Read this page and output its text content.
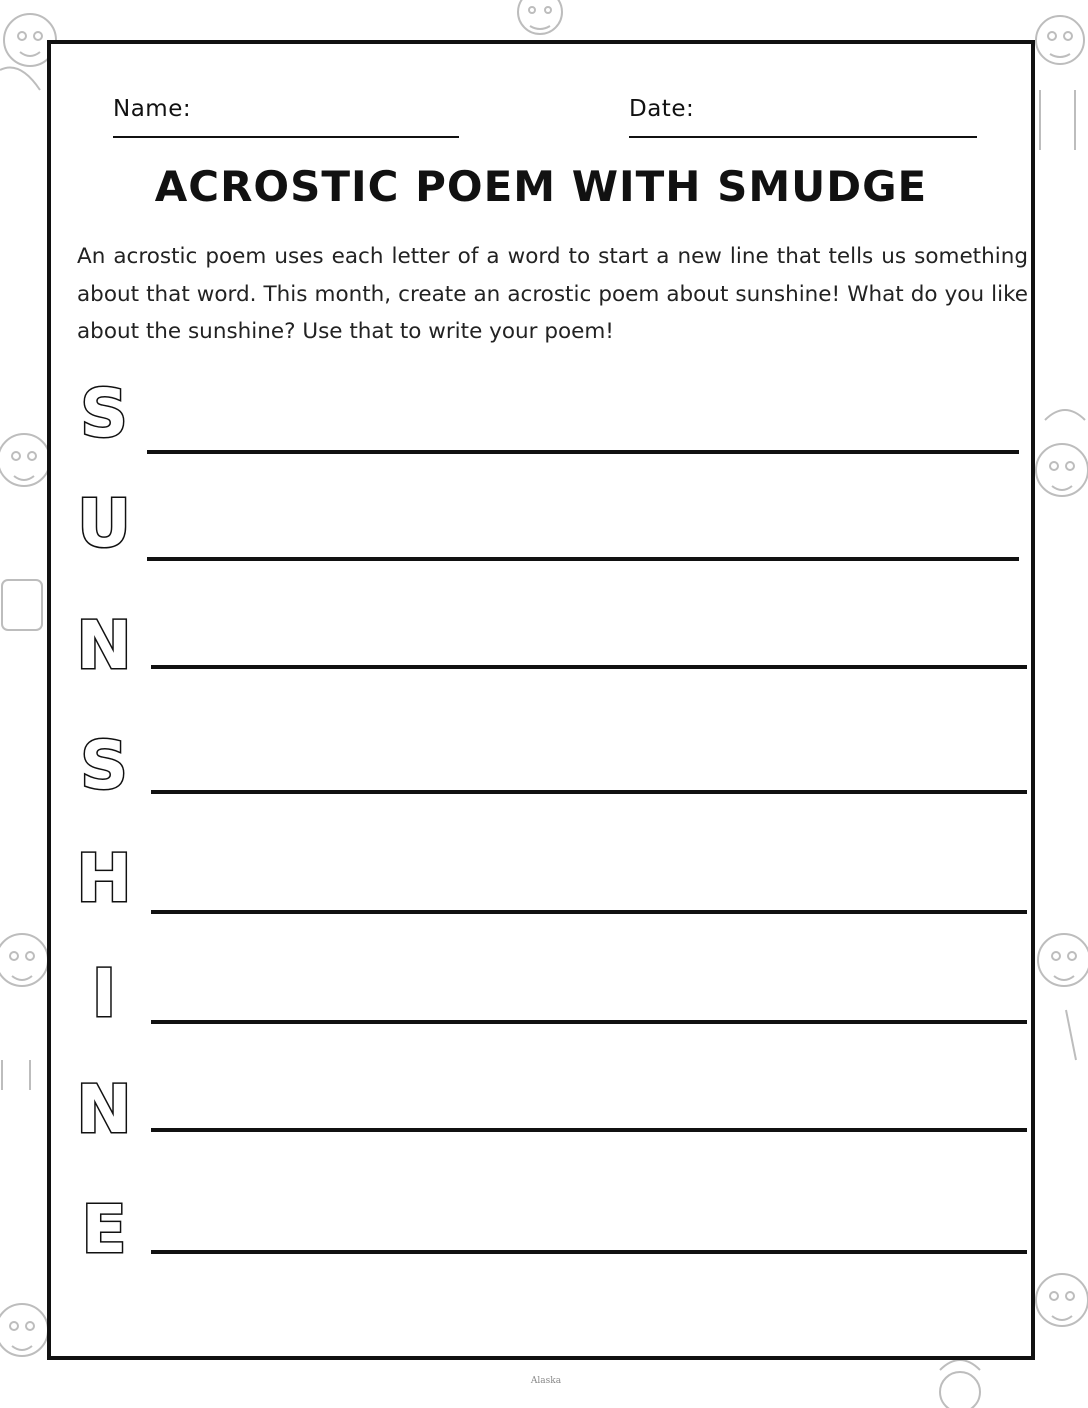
Name:	Date:
ACROSTIC POEM WITH SMUDGE

An acrostic poem uses each letter of a word to start a new line that tells us something about that word. This month, create an acrostic poem about sunshine! What do you like about the sunshine? Use that to write your poem!

S
U
N
S
H
I
N
E
Alaska
